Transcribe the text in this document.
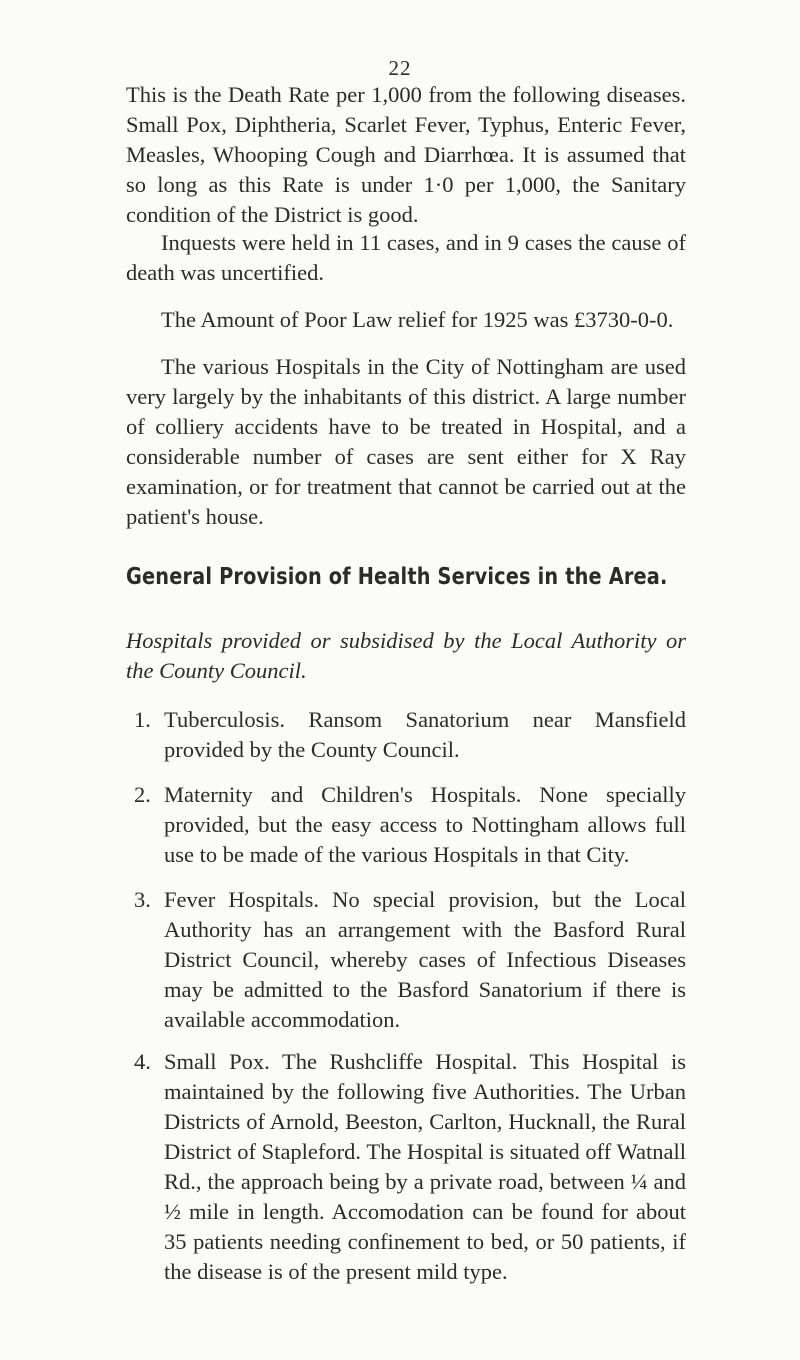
22

This is the Death Rate per 1,000 from the following diseases. Small Pox, Diphtheria, Scarlet Fever, Typhus, Enteric Fever, Measles, Whooping Cough and Diarrhœa. It is assumed that so long as this Rate is under 1·0 per 1,000, the Sanitary condition of the District is good.

Inquests were held in 11 cases, and in 9 cases the cause of death was uncertified.

The Amount of Poor Law relief for 1925 was £3730-0-0.

The various Hospitals in the City of Nottingham are used very largely by the inhabitants of this district. A large number of colliery accidents have to be treated in Hospital, and a considerable number of cases are sent either for X Ray examination, or for treatment that cannot be carried out at the patient's house.

General Provision of Health Services in the Area.

Hospitals provided or subsidised by the Local Authority or the County Council.

1. Tuberculosis. Ransom Sanatorium near Mansfield provided by the County Council.
2. Maternity and Children's Hospitals. None specially provided, but the easy access to Nottingham allows full use to be made of the various Hospitals in that City.
3. Fever Hospitals. No special provision, but the Local Authority has an arrangement with the Basford Rural District Council, whereby cases of Infectious Diseases may be admitted to the Basford Sanatorium if there is available accommodation.
4. Small Pox. The Rushcliffe Hospital. This Hospital is maintained by the following five Authorities. The Urban Districts of Arnold, Beeston, Carlton, Hucknall, the Rural District of Stapleford. The Hospital is situated off Watnall Rd., the approach being by a private road, between ¼ and ½ mile in length. Accomodation can be found for about 35 patients needing confinement to bed, or 50 patients, if the disease is of the present mild type.
